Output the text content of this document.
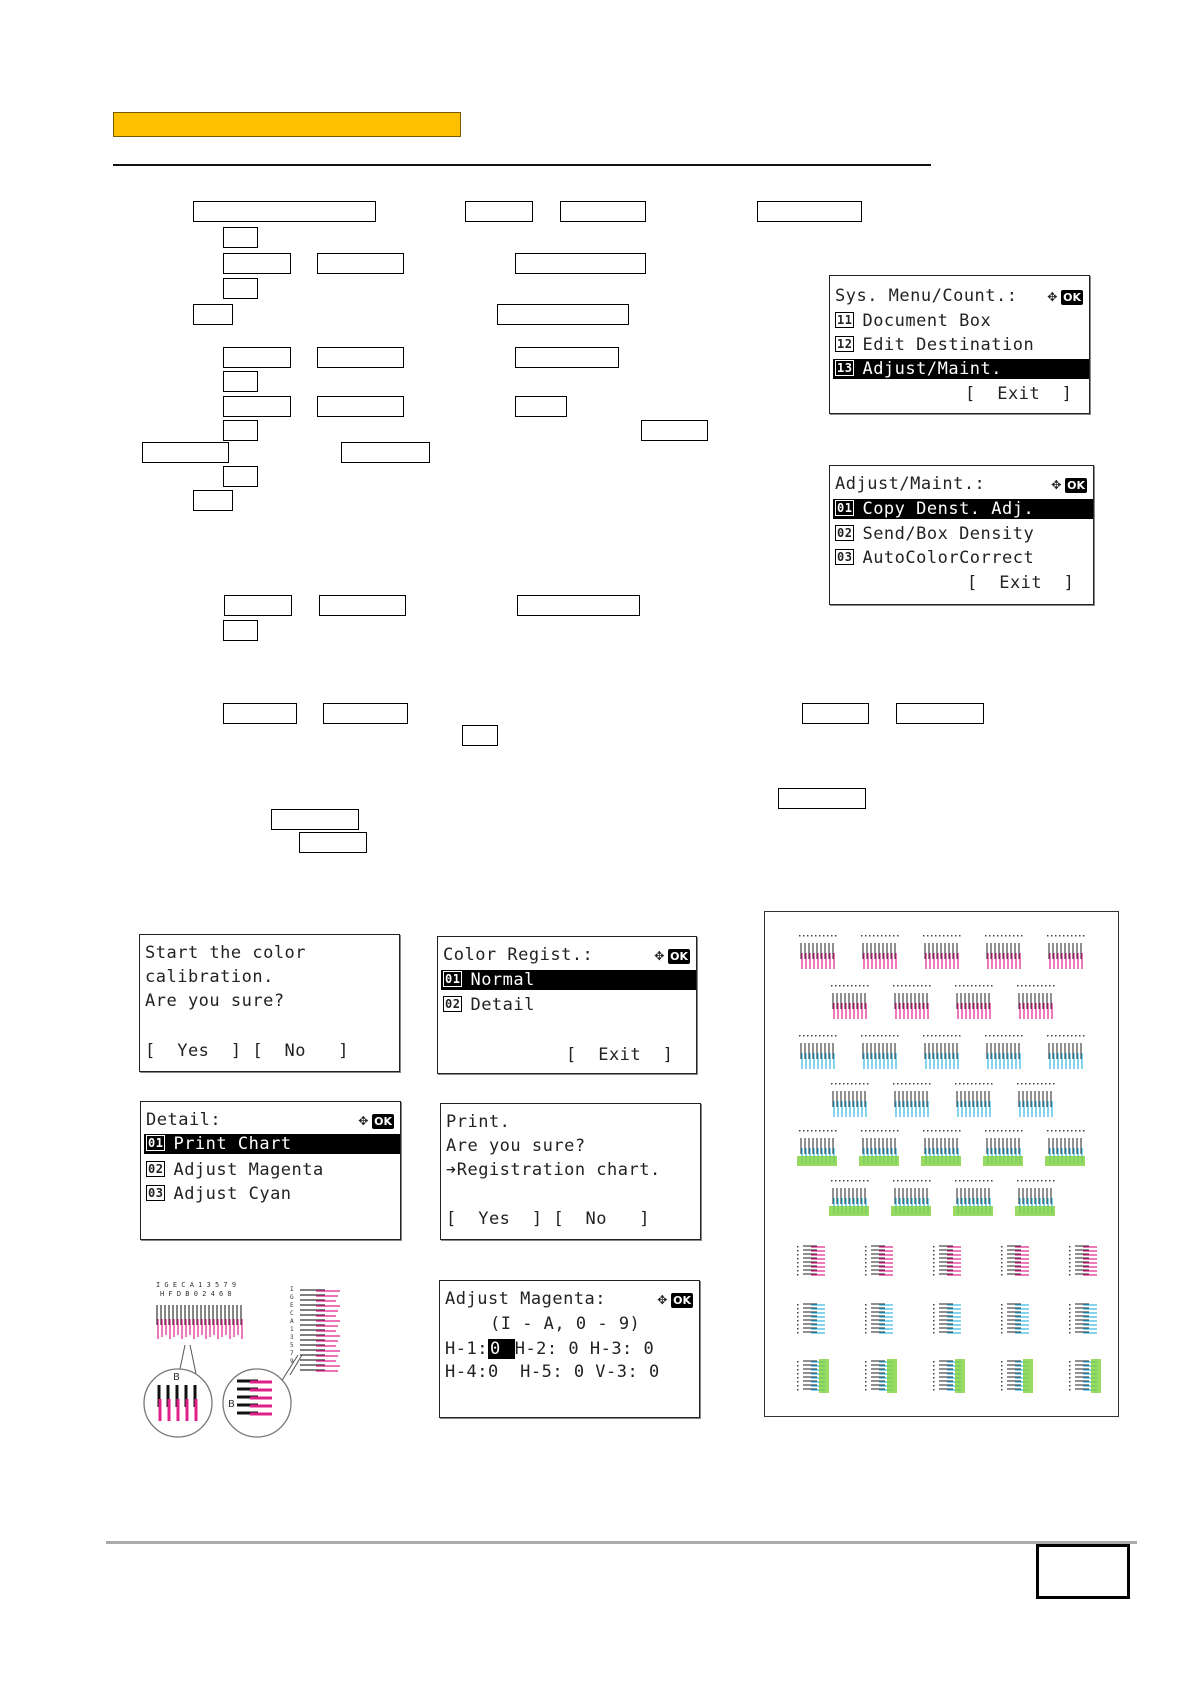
Sys. Menu/Count.: ✥ OK
11 Document Box
12 Edit Destination
13 Adjust/Maint.
[  Exit  ]
Adjust/Maint.:	✥ OK
01 Copy Denst. Adj.
02 Send/Box Density
03 AutoColorCorrect
[  Exit  ]
Start the color
calibration.
Are you sure?
[  Yes  ] [  No   ]
Color Regist.:	✥ OK
01 Normal
02 Detail
[  Exit  ]
Detail:	✥ OK
01 Print Chart
02 Adjust Magenta
03 Adjust Cyan
Print.
Are you sure?
➔Registration chart.
[  Yes  ] [  No   ]
Adjust Magenta:	✥ OK
(I - A, 0 - 9)
H-1: 0 H-2: 0 H-3: 0
H-4:0  H-5: 0 V-3: 0
I G E C A 1 3 5 7 9
H F D B 0 2 4 6 8
B
I
G
E
C
A
1
3
5
7
9
B
